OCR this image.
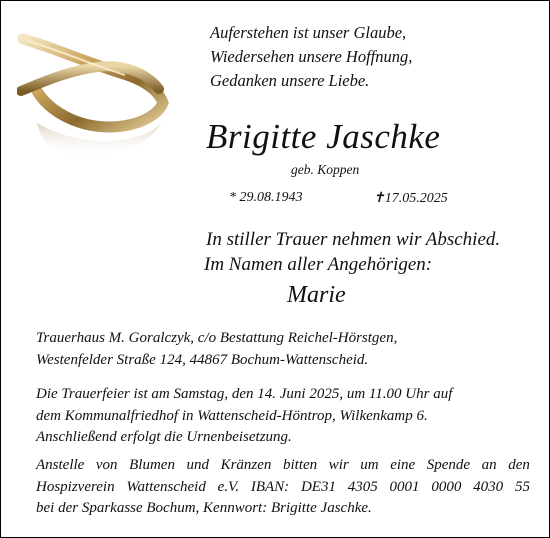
Auferstehen ist unser Glaube,
Wiedersehen unsere Hoffnung,
Gedanken unsere Liebe.
Brigitte Jaschke
geb. Koppen
* 29.08.1943	✝17.05.2025
In stiller Trauer nehmen wir Abschied.
Im Namen aller Angehörigen:
Marie
Trauerhaus M. Goralczyk, c/o Bestattung Reichel-Hörstgen,
Westenfelder Straße 124, 44867 Bochum-Wattenscheid.
Die Trauerfeier ist am Samstag, den 14. Juni 2025, um 11.00 Uhr auf
dem Kommunalfriedhof in Wattenscheid-Höntrop, Wilkenkamp 6.
Anschließend erfolgt die Urnenbeisetzung.
Anstelle von Blumen und Kränzen bitten wir um eine Spende an den
Hospizverein Wattenscheid e.V. IBAN: DE31 4305 0001 0000 4030 55
bei der Sparkasse Bochum, Kennwort: Brigitte Jaschke.
